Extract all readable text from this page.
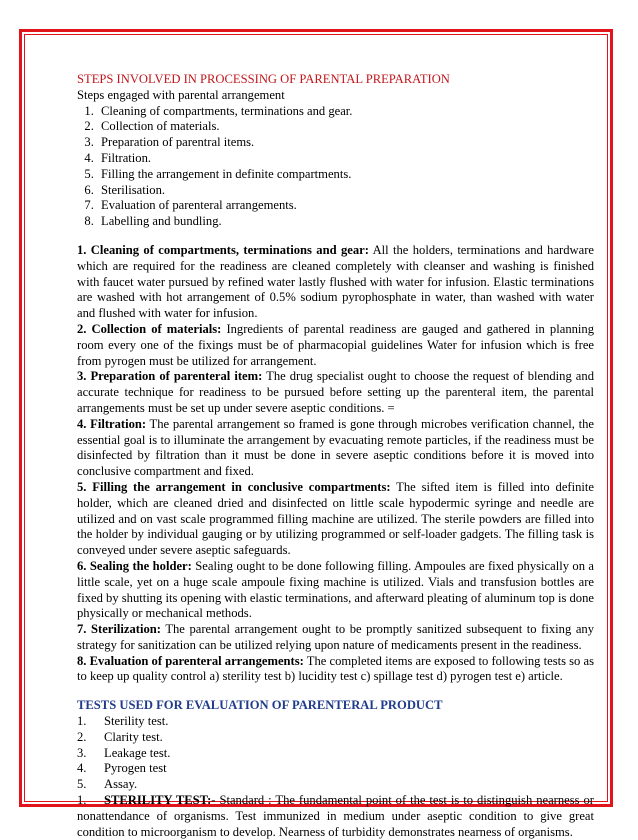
STEPS INVOLVED IN PROCESSING OF PARENTAL PREPARATION

Steps engaged with parental arrangement

1. Cleaning of compartments, terminations and gear.
2. Collection of materials.
3. Preparation of parentral items.
4. Filtration.
5. Filling the arrangement in definite compartments.
6. Sterilisation.
7. Evaluation of parenteral arrangements.
8. Labelling and bundling.

1. Cleaning of compartments, terminations and gear: All the holders, terminations and hardware which are required for the readiness are cleaned completely with cleanser and washing is finished with faucet water pursued by refined water lastly flushed with water for infusion. Elastic terminations are washed with hot arrangement of 0.5% sodium pyrophosphate in water, than washed with water and flushed with water for infusion.

2. Collection of materials: Ingredients of parental readiness are gauged and gathered in planning room every one of the fixings must be of pharmacopial guidelines Water for infusion which is free from pyrogen must be utilized for arrangement.

3. Preparation of parenteral item: The drug specialist ought to choose the request of blending and accurate technique for readiness to be pursued before setting up the parenteral item, the parental arrangements must be set up under severe aseptic conditions. =

4. Filtration: The parental arrangement so framed is gone through microbes verification channel, the essential goal is to illuminate the arrangement by evacuating remote particles, if the readiness must be disinfected by filtration than it must be done in severe aseptic conditions before it is moved into conclusive compartment and fixed.

5. Filling the arrangement in conclusive compartments: The sifted item is filled into definite holder, which are cleaned dried and disinfected on little scale hypodermic syringe and needle are utilized and on vast scale programmed filling machine are utilized. The sterile powders are filled into the holder by individual gauging or by utilizing programmed or self-loader gadgets. The filling task is conveyed under severe aseptic safeguards.

6. Sealing the holder: Sealing ought to be done following filling. Ampoules are fixed physically on a little scale, yet on a huge scale ampoule fixing machine is utilized. Vials and transfusion bottles are fixed by shutting its opening with elastic terminations, and afterward pleating of aluminum top is done physically or mechanical methods.

7. Sterilization: The parental arrangement ought to be promptly sanitized subsequent to fixing any strategy for sanitization can be utilized relying upon nature of medicaments present in the readiness.

8. Evaluation of parenteral arrangements: The completed items are exposed to following tests so as to keep up quality control a) sterility test b) lucidity test c) spillage test d) pyrogen test e) article.

TESTS USED FOR EVALUATION OF PARENTERAL PRODUCT

1.	Sterility test.
2.	Clarity test.
3.	Leakage test.
4.	Pyrogen test
5.	Assay.

1. STERILITY TEST:- Standard : The fundamental point of the test is to distinguish nearness or nonattendance of organisms. Test immunized in medium under aseptic condition to give great condition to microorganism to develop. Nearness of turbidity demonstrates nearness of organisms.
